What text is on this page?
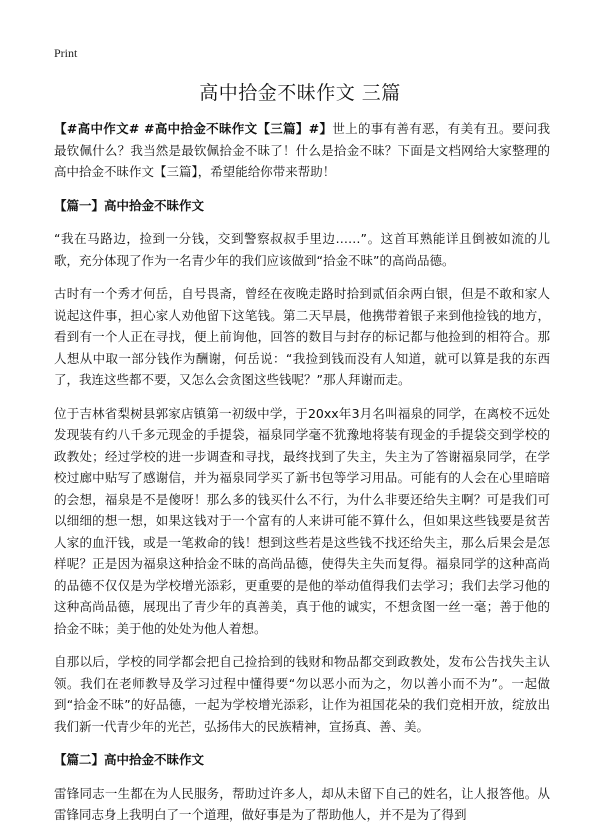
Print
高中拾金不昧作文 三篇

【#高中作文# #高中拾金不昧作文【三篇】#】世上的事有善有恶，有美有丑。要问我最钦佩什么？我当然是最钦佩拾金不昧了！什么是拾金不昧？下面是文档网给大家整理的高中拾金不昧作文【三篇】，希望能给你带来帮助！

【篇一】高中拾金不昧作文

“我在马路边，捡到一分钱，交到警察叔叔手里边……”。这首耳熟能详且倒被如流的儿歌，充分体现了作为一名青少年的我们应该做到“拾金不昧”的高尚品德。

古时有一个秀才何岳，自号畏斋，曾经在夜晚走路时拾到贰佰余两白银，但是不敢和家人说起这件事，担心家人劝他留下这笔钱。第二天早晨，他携带着银子来到他捡钱的地方，看到有一个人正在寻找，便上前询他，回答的数目与封存的标记都与他捡到的相符合。那人想从中取一部分钱作为酬谢，何岳说：“我捡到钱而没有人知道，就可以算是我的东西了，我连这些都不要，又怎么会贪图这些钱呢？”那人拜谢而走。

位于吉林省梨树县郭家店镇第一初级中学，于20xx年3月名叫福泉的同学，在离校不远处发现装有约八千多元现金的手提袋，福泉同学毫不犹豫地将装有现金的手提袋交到学校的政教处；经过学校的进一步调查和寻找，最终找到了失主，失主为了答谢福泉同学，在学校过廊中贴写了感谢信，并为福泉同学买了新书包等学习用品。可能有的人会在心里暗暗的会想，福泉是不是傻呀！那么多的钱买什么不行，为什么非要还给失主啊？可是我们可以细细的想一想，如果这钱对于一个富有的人来讲可能不算什么，但如果这些钱要是贫苦人家的血汗钱，或是一笔救命的钱！想到这些若是这些钱不找还给失主，那么后果会是怎样呢？正是因为福泉这种拾金不昧的高尚品德，使得失主失而复得。福泉同学的这种高尚的品德不仅仅是为学校增光添彩，更重要的是他的举动值得我们去学习；我们去学习他的这种高尚品德，展现出了青少年的真善美，真于他的诚实，不想贪图一丝一毫；善于他的拾金不昧；美于他的处处为他人着想。

自那以后，学校的同学都会把自己捡拾到的钱财和物品都交到政教处，发布公告找失主认领。我们在老师教导及学习过程中懂得要“勿以恶小而为之，勿以善小而不为”。一起做到“拾金不昧”的好品德，一起为学校增光添彩，让作为祖国花朵的我们竞相开放，绽放出我们新一代青少年的光芒，弘扬伟大的民族精神，宣扬真、善、美。

【篇二】高中拾金不昧作文

雷锋同志一生都在为人民服务，帮助过许多人，却从未留下自己的姓名，让人报答他。从雷锋同志身上我明白了一个道理，做好事是为了帮助他人，并不是为了得到
